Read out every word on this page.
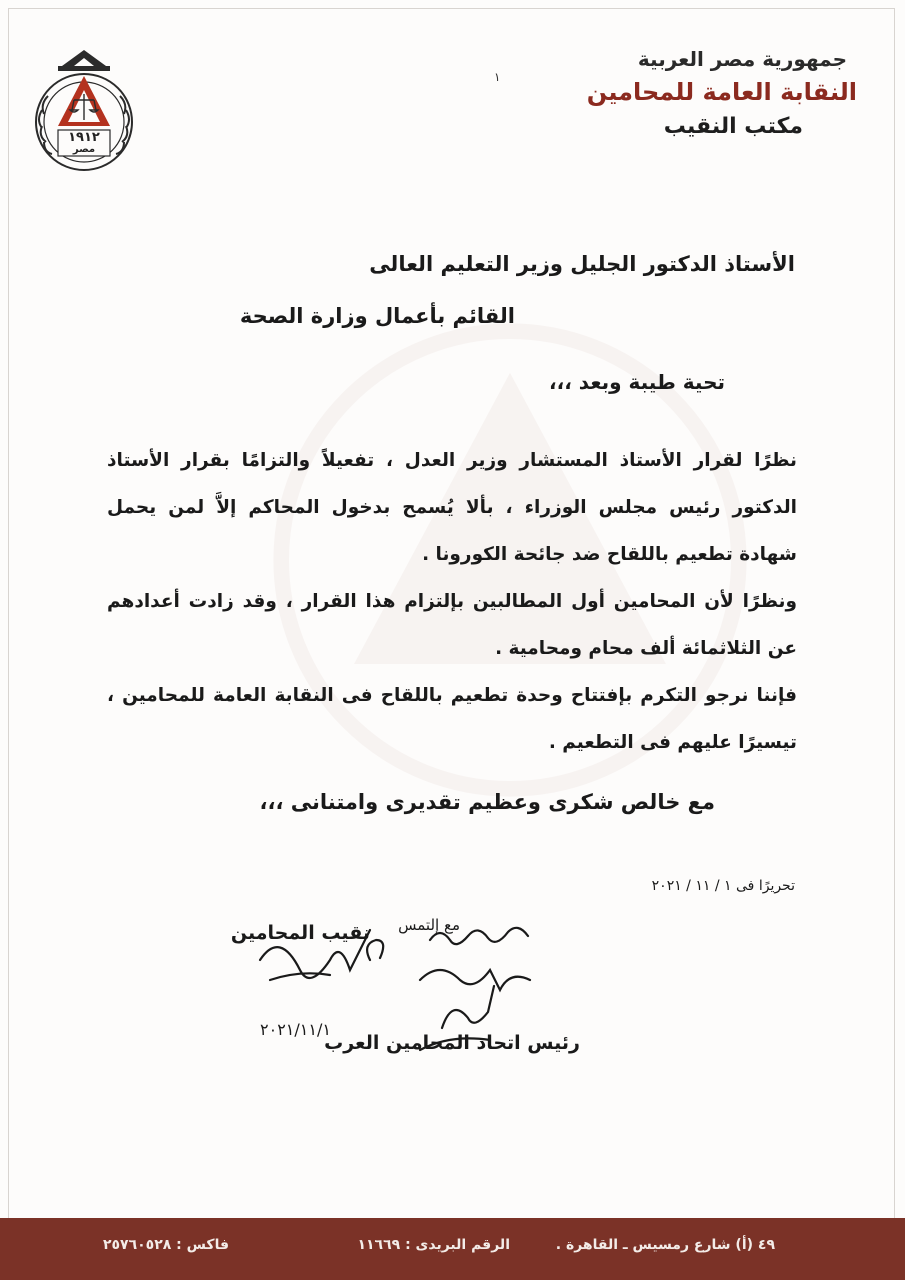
١٩١٢
مصر
جمهورية مصر العربية
النقابة العامة للمحامين
مكتب النقيب
١
الأستاذ الدكتور الجليل وزير التعليم العالى
القائم بأعمال وزارة الصحة
تحية طيبة وبعد ،،،
نظرًا لقرار الأستاذ المستشار وزير العدل ، تفعيلاً والتزامًا بقرار الأستاذ الدكتور رئيس مجلس الوزراء ، بألا يُسمح بدخول المحاكم إلاَّ لمن يحمل شهادة تطعيم باللقاح ضد جائحة الكورونا .
ونظرًا لأن المحامين أول المطالبين بإلتزام هذا القرار ، وقد زادت أعدادهم عن الثلاثمائة ألف محام ومحامية .
فإننا نرجو التكرم بإفتتاح وحدة تطعيم باللقاح فى النقابة العامة للمحامين ، تيسيرًا عليهم فى التطعيم .
مع خالص شكرى وعظيم تقديرى وامتنانى ،،،
تحريرًا فى ١ / ١١ / ٢٠٢١
نقيب المحامين
٢٠٢١/١١/١
مع إلتمس
رئيس اتحاد المحامين العرب
٤٩ (أ) شارع رمسيس ـ القاهرة .
الرقم البريدى : ١١٦٦٩
فاكس : ٢٥٧٦٠٥٢٨
